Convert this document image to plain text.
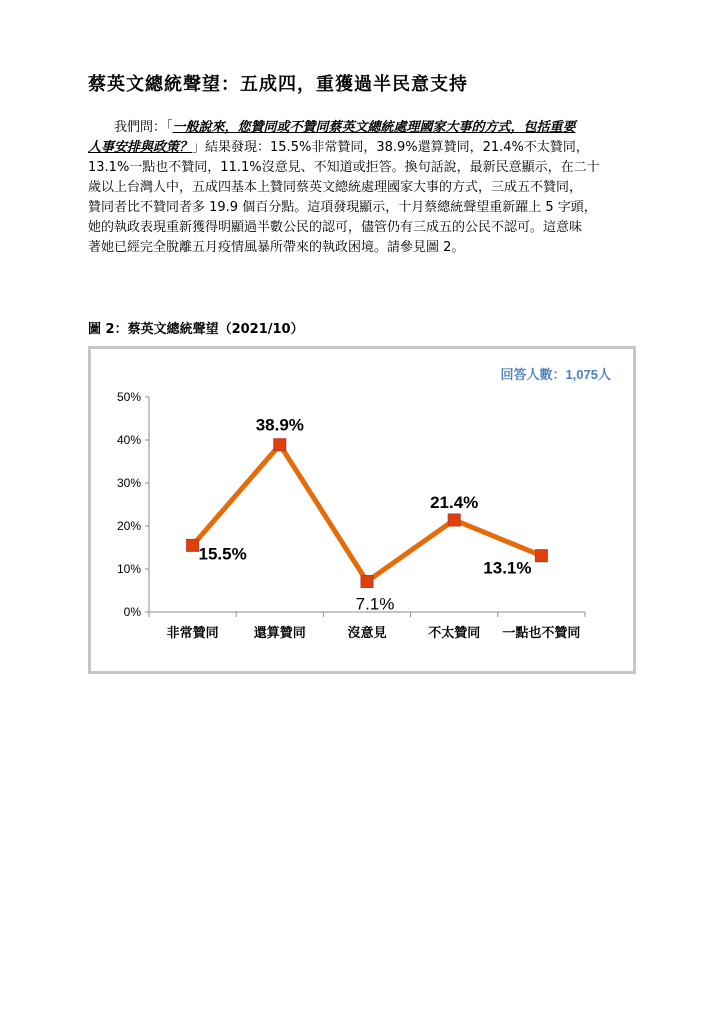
蔡英文總統聲望：五成四，重獲過半民意支持
　　我們問：「一般說來，您贊同或不贊同蔡英文總統處理國家大事的方式，包括重要
人事安排與政策？」結果發現：15.5%非常贊同，38.9%還算贊同，21.4%不太贊同，
13.1%一點也不贊同，11.1%沒意見、不知道或拒答。換句話說，最新民意顯示，在二十
歲以上台灣人中，五成四基本上贊同蔡英文總統處理國家大事的方式，三成五不贊同，
贊同者比不贊同者多 19.9 個百分點。這項發現顯示，十月蔡總統聲望重新躍上 5 字頭，
她的執政表現重新獲得明顯過半數公民的認可，儘管仍有三成五的公民不認可。這意味
著她已經完全脫離五月疫情風暴所帶來的執政困境。請參見圖 2。
圖 2：蔡英文總統聲望（2021/10）
0%
10%
20%
30%
40%
50%
非常贊同	還算贊同	沒意見	不太贊同 一點也不贊同
15.5%
38.9%
7.1%
21.4%
13.1%
回答人數：1,075人
